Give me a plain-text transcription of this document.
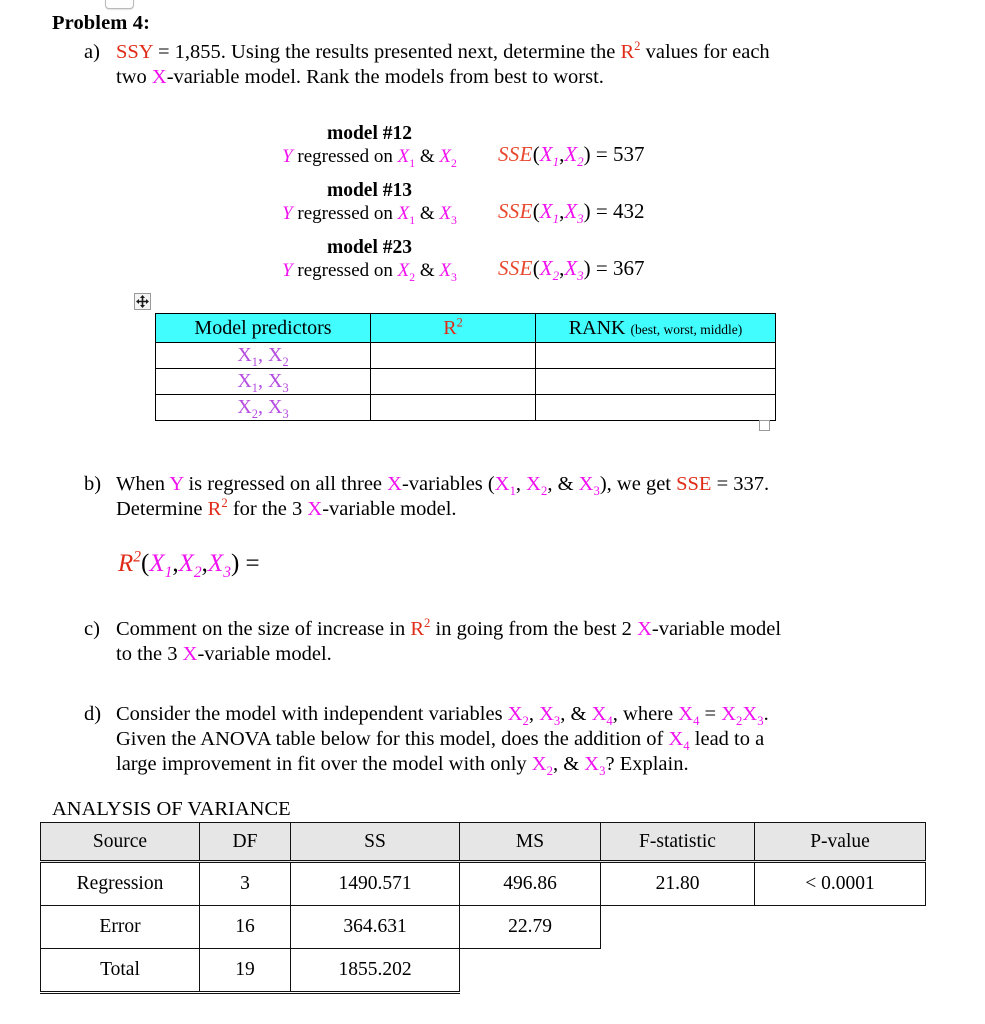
Problem 4:
a) SSY = 1,855. Using the results presented next, determine the $R^2$ values for each
two X-variable model. Rank the models from best to worst.
model #12
Y regressed on $X_1$ & $X_2$	$SSE(X_1,X_2) = 537$
model #13
Y regressed on $X_1$ & $X_3$	$SSE(X_1,X_3) = 432$
model #23
Y regressed on $X_2$ & $X_3$	$SSE(X_2,X_3) = 367$
Model predictors	$R^2$	RANK (best, worst, middle)
$X_1$, $X_2$		
$X_1$, $X_3$		
$X_2$, $X_3$		
b) When Y is regressed on all three X-variables ($X_1$, $X_2$, & $X_3$), we get SSE = 337.
Determine $R^2$ for the 3 X-variable model.
$R^2(X_1,X_2,X_3)$ =
c) Comment on the size of increase in $R^2$ in going from the best 2 X-variable model
to the 3 X-variable model.
d) Consider the model with independent variables $X_2$, $X_3$, & $X_4$, where $X_4 = X_2X_3$.
Given the ANOVA table below for this model, does the addition of $X_4$ lead to a
large improvement in fit over the model with only $X_2$, & $X_3$? Explain.
ANALYSIS OF VARIANCE
Source	DF	SS	MS	F-statistic	P-value
Regression	3	1490.571	496.86	21.80	< 0.0001
Error	16	364.631	22.79		
Total	19	1855.202			
